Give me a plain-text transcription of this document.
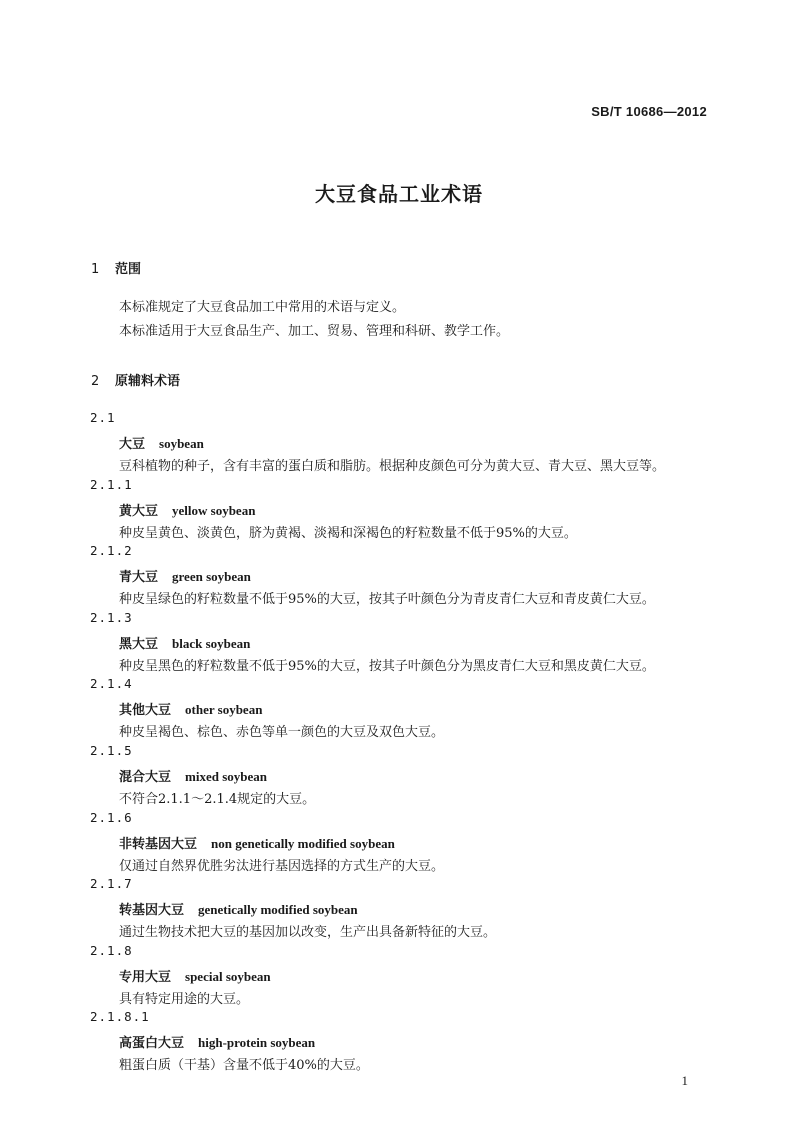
SB/T 10686—2012
大豆食品工业术语
1 范围
本标准规定了大豆食品加工中常用的术语与定义。
本标准适用于大豆食品生产、加工、贸易、管理和科研、教学工作。
2 原辅料术语
2.1
大豆 soybean
豆科植物的种子，含有丰富的蛋白质和脂肪。根据种皮颜色可分为黄大豆、青大豆、黑大豆等。
2.1.1
黄大豆 yellow soybean
种皮呈黄色、淡黄色，脐为黄褐、淡褐和深褐色的籽粒数量不低于95%的大豆。
2.1.2
青大豆 green soybean
种皮呈绿色的籽粒数量不低于95%的大豆，按其子叶颜色分为青皮青仁大豆和青皮黄仁大豆。
2.1.3
黑大豆 black soybean
种皮呈黑色的籽粒数量不低于95%的大豆，按其子叶颜色分为黑皮青仁大豆和黑皮黄仁大豆。
2.1.4
其他大豆 other soybean
种皮呈褐色、棕色、赤色等单一颜色的大豆及双色大豆。
2.1.5
混合大豆 mixed soybean
不符合2.1.1～2.1.4规定的大豆。
2.1.6
非转基因大豆 non genetically modified soybean
仅通过自然界优胜劣汰进行基因选择的方式生产的大豆。
2.1.7
转基因大豆 genetically modified soybean
通过生物技术把大豆的基因加以改变，生产出具备新特征的大豆。
2.1.8
专用大豆 special soybean
具有特定用途的大豆。
2.1.8.1
高蛋白大豆 high-protein soybean
粗蛋白质（干基）含量不低于40%的大豆。
1
